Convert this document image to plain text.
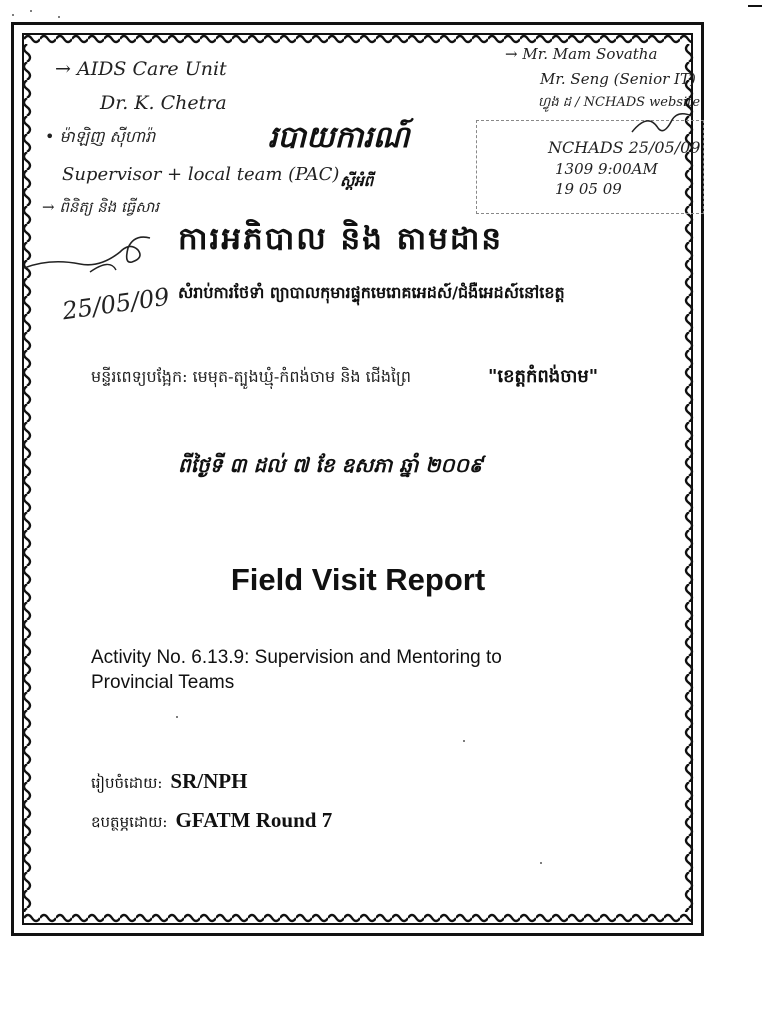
→ AIDS Care Unit
Dr. K. Chetra
• ម៉ាឡិញ ស៊ីហារ៉ា
Supervisor + local team (PAC)
→ ពិនិត្យ និង ធ្វើសារ
25/05/09
→ Mr. Mam Sovatha
Mr. Seng (Senior IT)
ហ្វូង ដ / NCHADS website
NCHADS 25/05/09
1309 9:00AM
19 05 09
របាយការណ៍
ស្តីអំពី
ការអភិបាល និង តាមដាន
សំរាប់ការថែទាំ ព្យាបាលកុមារផ្ទុកមេរោគអេដស៍/ជំងឺអេដស៍នៅខេត្ត
មន្ទីរពេទ្យបង្អែក: មេមុត-ត្បូងឃ្មុំ-កំពង់ចាម និង ជើងព្រៃ	"ខេត្តកំពង់ចាម"
ពីថ្ងៃទី ៣ ដល់ ៧ ខែ ឧសភា ឆ្នាំ ២០០៩
Field Visit Report
Activity No. 6.13.9: Supervision and Mentoring to
Provincial Teams
រៀបចំដោយ: SR/NPH
ឧបត្ថម្ភដោយ: GFATM Round 7
